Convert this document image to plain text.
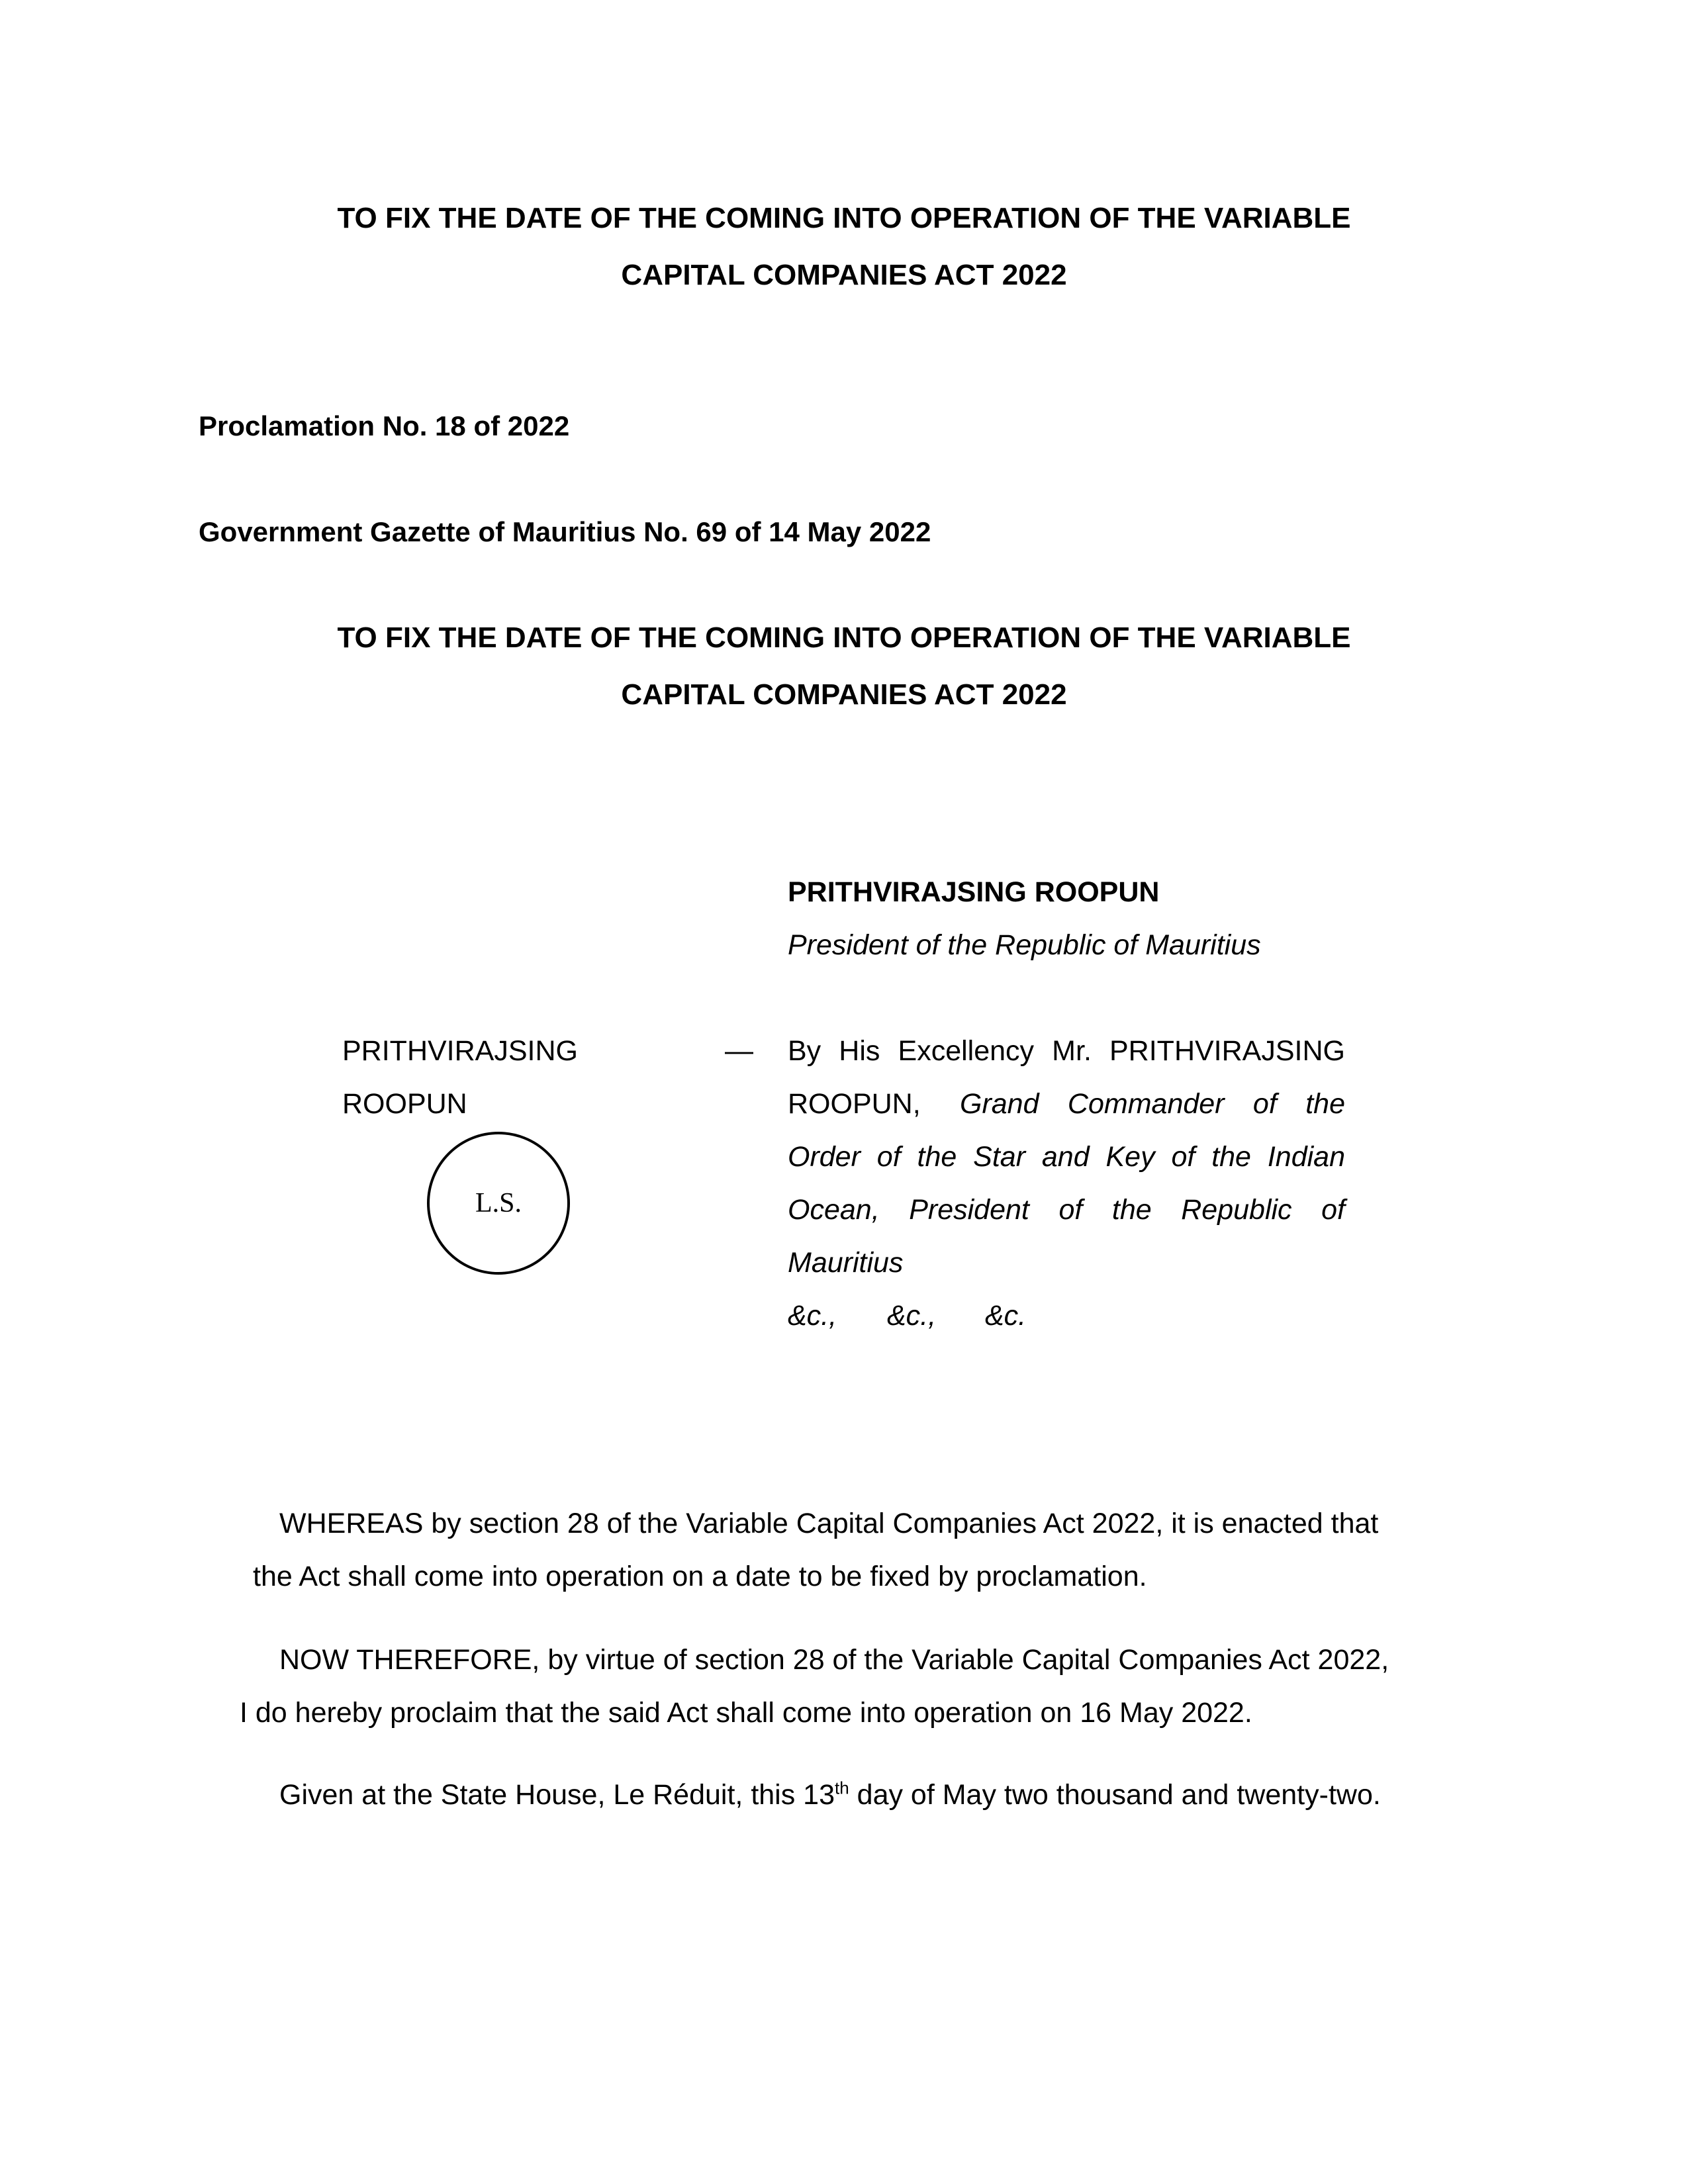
TO FIX THE DATE OF THE COMING INTO OPERATION OF THE VARIABLE
CAPITAL COMPANIES ACT 2022
Proclamation No. 18 of 2022
Government Gazette of Mauritius No. 69 of 14 May 2022
TO FIX THE DATE OF THE COMING INTO OPERATION OF THE VARIABLE
CAPITAL COMPANIES ACT 2022
PRITHVIRAJSING ROOPUN
President of the Republic of Mauritius
PRITHVIRAJSING
ROOPUN
L.S.
— By His Excellency Mr. PRITHVIRAJSING
ROOPUN, Grand Commander of the
Order of the Star and Key of the Indian
Ocean, President of the Republic of
Mauritius
&c., &c., &c.
WHEREAS by section 28 of the Variable Capital Companies Act 2022, it is enacted that
the Act shall come into operation on a date to be fixed by proclamation.
NOW THEREFORE, by virtue of section 28 of the Variable Capital Companies Act 2022,
I do hereby proclaim that the said Act shall come into operation on 16 May 2022.
Given at the State House, Le Réduit, this 13th day of May two thousand and twenty-two.
